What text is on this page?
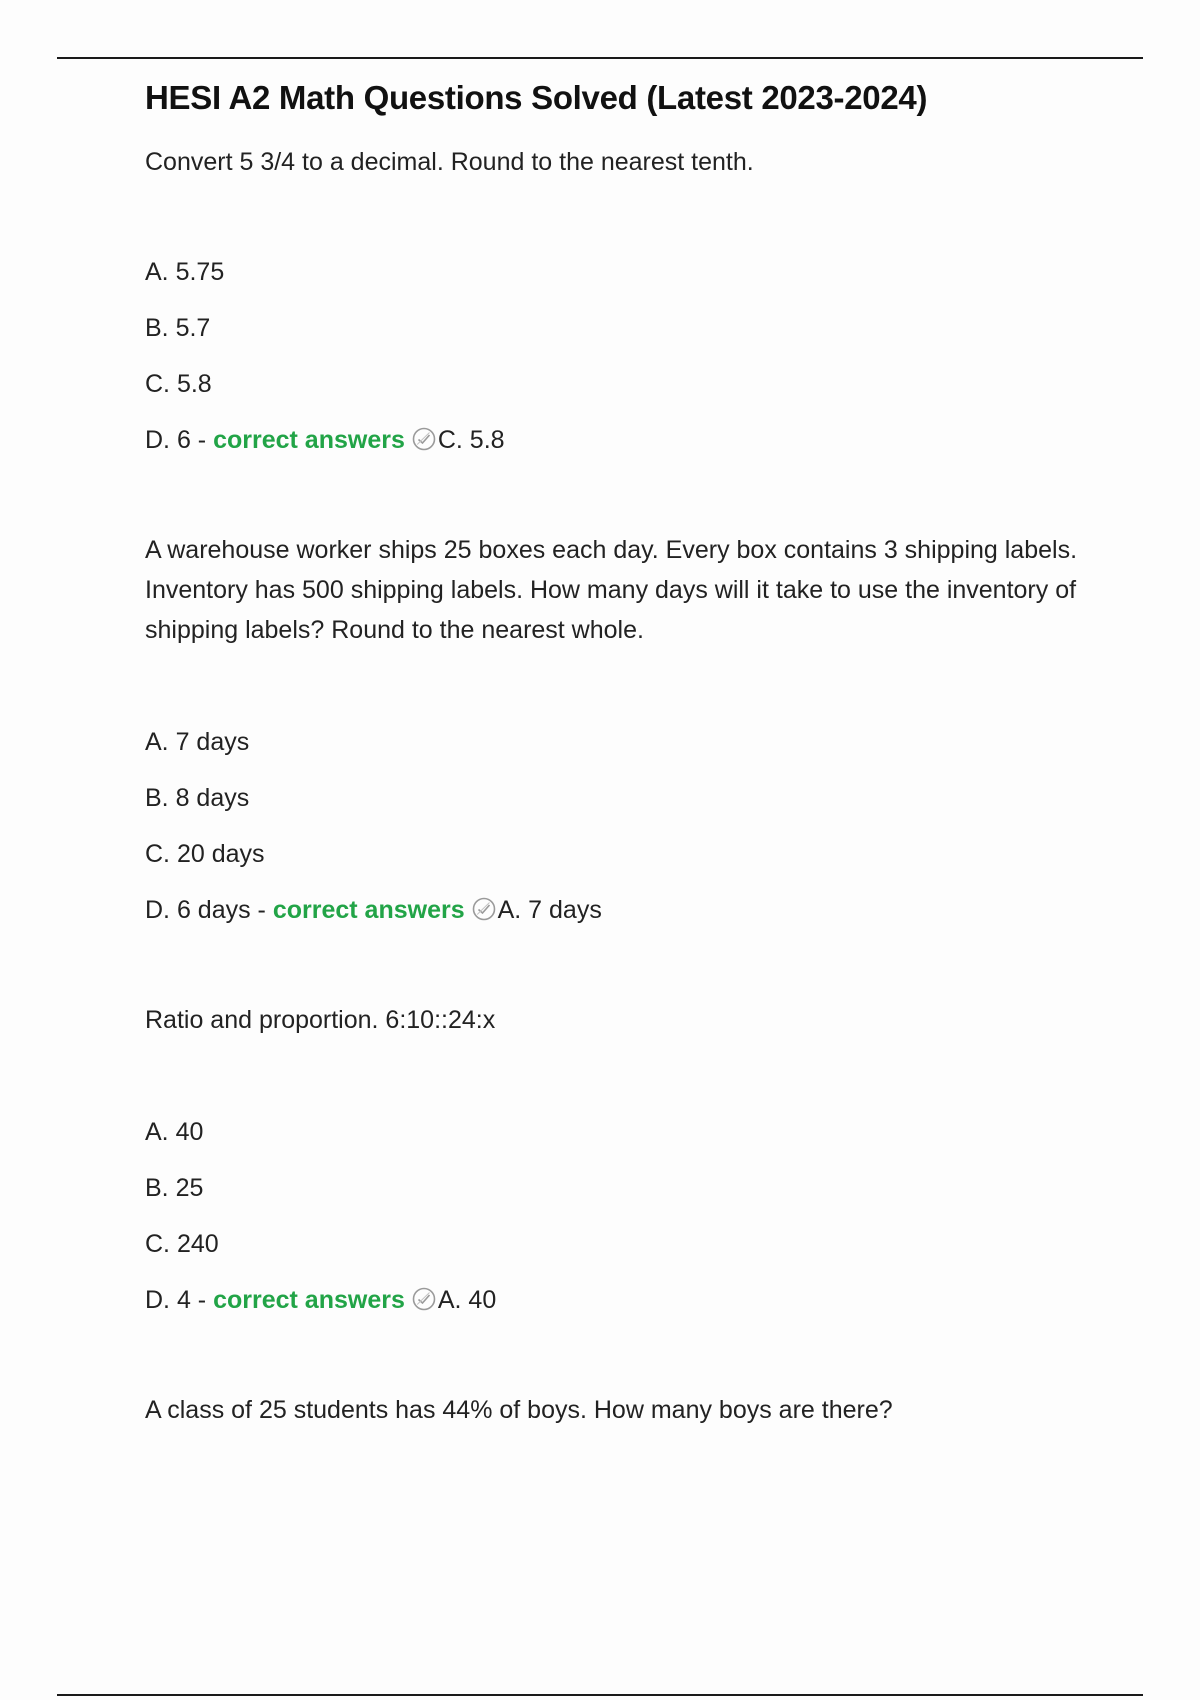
HESI A2 Math Questions Solved (Latest 2023-2024)

Convert 5 3/4 to a decimal. Round to the nearest tenth.

A. 5.75

B. 5.7

C. 5.8

D. 6 - correct answers C. 5.8

A warehouse worker ships 25 boxes each day. Every box contains 3 shipping labels. Inventory has 500 shipping labels. How many days will it take to use the inventory of shipping labels? Round to the nearest whole.

A. 7 days

B. 8 days

C. 20 days

D. 6 days - correct answers A. 7 days

Ratio and proportion. 6:10::24:x

A. 40

B. 25

C. 240

D. 4 - correct answers A. 40

A class of 25 students has 44% of boys. How many boys are there?
